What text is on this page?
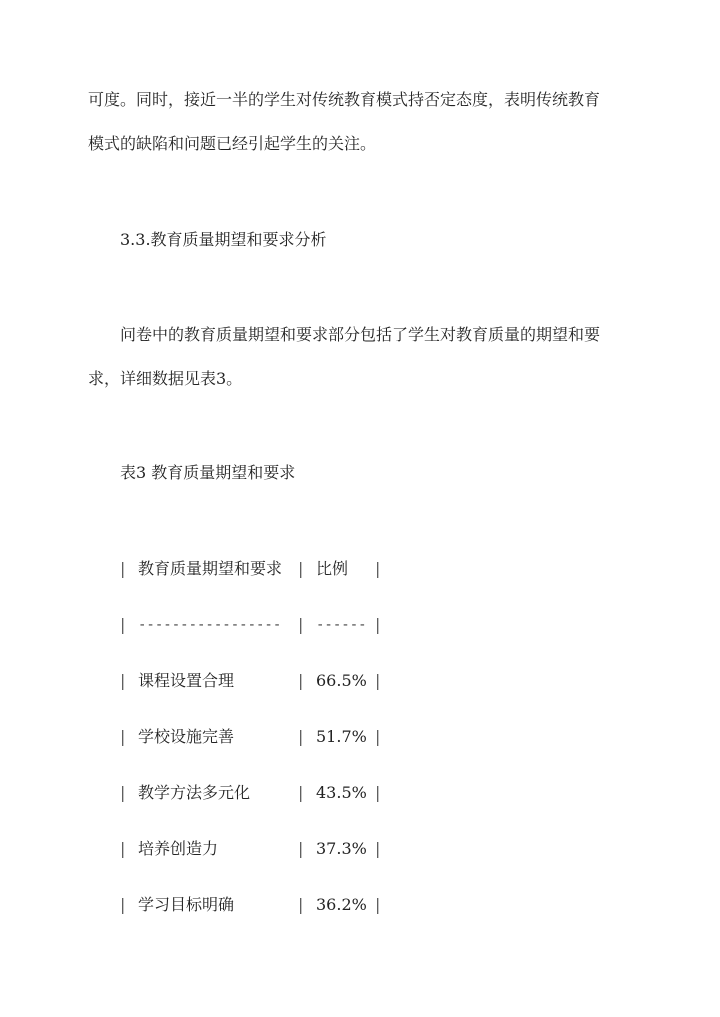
可度。同时，接近一半的学生对传统教育模式持否定态度，表明传统教育
模式的缺陷和问题已经引起学生的关注。
3.3.教育质量期望和要求分析
问卷中的教育质量期望和要求部分包括了学生对教育质量的期望和要
求，详细数据见表3。
表3 教育质量期望和要求
| 教育质量期望和要求 | 比例 |
| ----------------- | ------ |
| 课程设置合理	| 66.5% |
| 学校设施完善	| 51.7% |
| 教学方法多元化	| 43.5% |
| 培养创造力	| 37.3% |
| 学习目标明确	| 36.2% |
